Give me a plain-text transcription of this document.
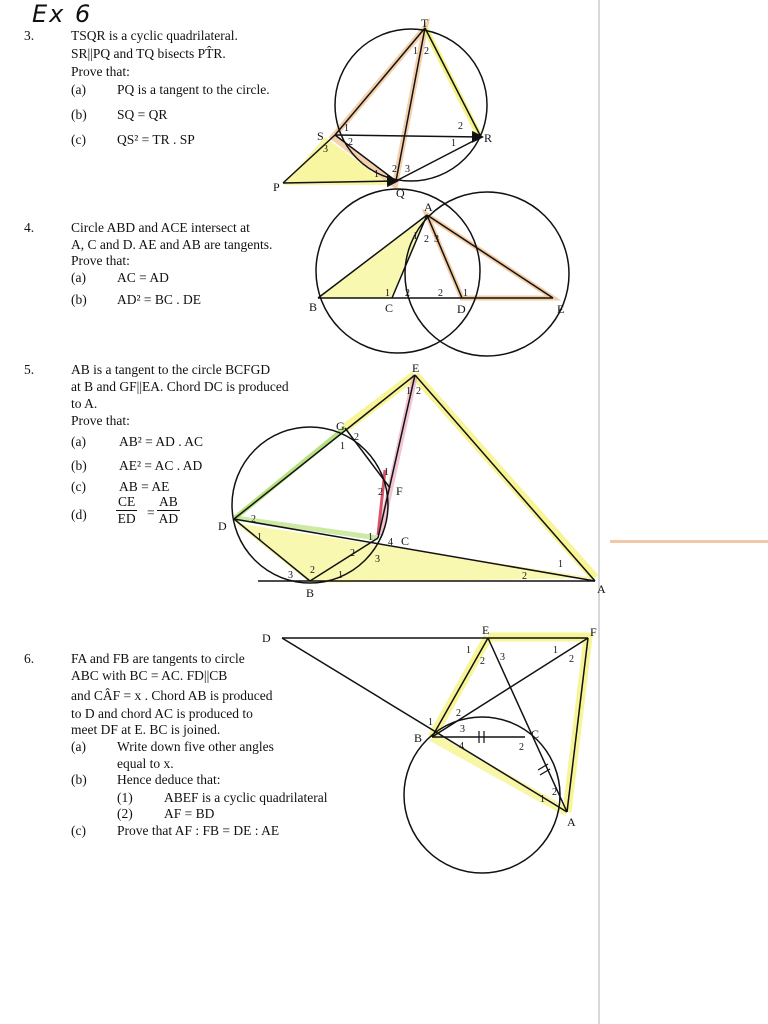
Ex 6
3.	TSQR is a cyclic quadrilateral.
SR||PQ and TQ bisects PT̂R.
Prove that:
(a) PQ is a tangent to the circle.
(b) SQ = QR
(c) QS² = TR . SP
4.	Circle ABD and ACE intersect at
A, C and D. AE and AB are tangents.
Prove that:
(a) AC = AD
(b) AD² = BC . DE
5.	AB is a tangent to the circle BCFGD
at B and GF||EA. Chord DC is produced
to A.
Prove that:
(a) AB² = AD . AC
(b) AE² = AC . AD
(c) AB = AE
$(d) \frac{CE}{ED} = \frac{AB}{AD}$
6.	FA and FB are tangents to circle
ABC with BC = AC. FD||CB
and CÂF = x . Chord AB is produced
to D and chord AC is produced to
meet DF at E. BC is joined.
(a) Write down five other angles
equal to x.
(b) Hence deduce that:
(1) ABEF is a cyclic quadrilateral
(2) AF = BD
(c) Prove that AF : FB = DE : AE
T
S	R
Q
P
1 2
1
2
2
1
3
1 2 3
A
B	C	D	E
1 2 3
1 2	2 1
E
G
F
D
C
B	A
1 2
1
2
1
2
2
1	1 4
3
2
1
3 2
2
1
D
E	F
B	C
A
1
2 3
1
2
1
2
3
4	2
1
2
